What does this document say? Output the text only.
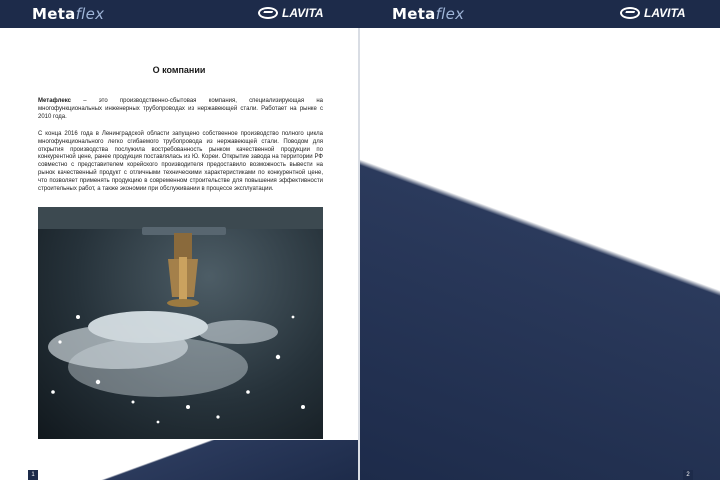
Metaflex	LAVITA	Metaflex	LAVITA
О компании
Метафлекс – это производственно-сбытовая компания, специализирующая на многофункциональных инженерных трубопроводах из нержавеющей стали. Работает на рынке с 2010 года.
С конца 2016 года в Ленинградской области запущено собственное производство полного цикла многофункционального легко сгибаемого трубопровода из нержавеющей стали. Поводом для открытия производства послужила востребованность рынком качественной продукции по конкурентной цене, ранее продукция поставлялась из Ю. Кореи. Открытие завода на территории РФ совместно с представителем корейского производителя предоставило возможность вывести на рынок качественный продукт с отличными техническими характеристиками по конкурентной цене, что позволяет применять продукцию в современном строительстве для повышения эффективности строительных работ, а также экономии при обслуживании в процессе эксплуатации.
1

		2
